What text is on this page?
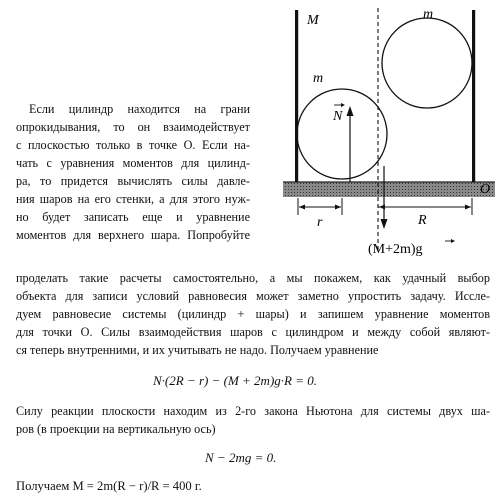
M	m
m
N
O
r	R
(M+2m)g
Если цилиндр находится на грани
опрокидывания, то он взаимодействует
с плоскостью только в точке O. Если на-
чать с уравнения моментов для цилинд-
ра, то придется вычислять силы давле-
ния шаров на его стенки, а для этого нуж-
но будет записать еще и уравнение
моментов для верхнего шара. Попробуйте
проделать такие расчеты самостоятельно, а мы покажем, как удачный выбор
объекта для записи условий равновесия может заметно упростить задачу. Иссле-
дуем равновесие системы (цилиндр + шары) и запишем уравнение моментов
для точки O. Силы взаимодействия шаров с цилиндром и между собой являют-
ся теперь внутренними, и их учитывать не надо. Получаем уравнение
N·(2R − r) − (M + 2m)g·R = 0.
Силу реакции плоскости находим из 2-го закона Ньютона для системы двух ша-
ров (в проекции на вертикальную ось)
N − 2mg = 0.
Получаем M = 2m(R − r)/R = 400 г.
